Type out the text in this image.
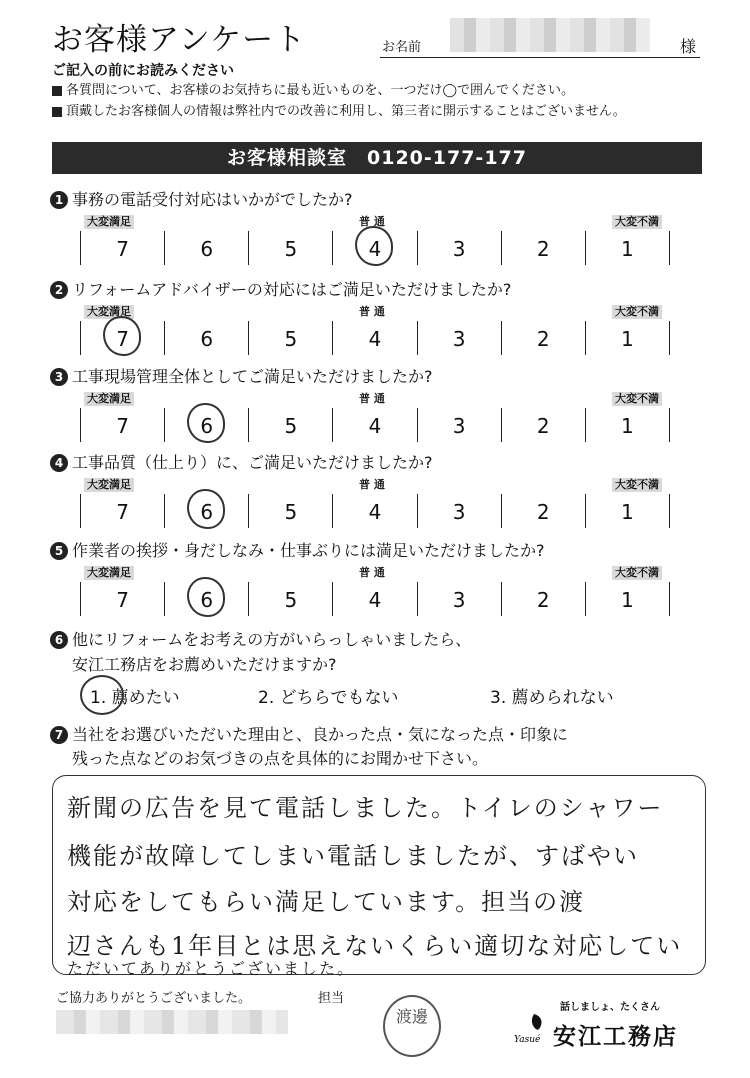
お客様アンケート	お名前	様
ご記入の前にお読みください
各質問について、お客様のお気持ちに最も近いものを、一つだけ◯で囲んでください。
頂戴したお客様個人の情報は弊社内での改善に利用し、第三者に開示することはございません。
お客様相談室　0120-177-177
1 事務の電話受付対応はいかがでしたか?
大変満足	普 通	大変不満
7	6	5	4	3	2	1
2 リフォームアドバイザーの対応にはご満足いただけましたか?
大変満足	普 通	大変不満
7	6	5	4	3	2	1
3 工事現場管理全体としてご満足いただけましたか?
大変満足	普 通	大変不満
7	6	5	4	3	2	1
4 工事品質（仕上り）に、ご満足いただけましたか?
大変満足	普 通	大変不満
7	6	5	4	3	2	1
5 作業者の挨拶・身だしなみ・仕事ぶりには満足いただけましたか?
大変満足	普 通	大変不満
7	6	5	4	3	2	1
6 他にリフォームをお考えの方がいらっしゃいましたら、
安江工務店をお薦めいただけますか?
1. 薦めたい	2. どちらでもない	3. 薦められない
7 当社をお選びいただいた理由と、良かった点・気になった点・印象に
残った点などのお気づきの点を具体的にお聞かせ下さい。
新聞の広告を見て電話しました。トイレのシャワー
機能が故障してしまい電話しましたが、すばやい
対応をしてもらい満足しています。担当の渡
辺さんも1年目とは思えないくらい適切な対応してい
ただいてありがとうございました。
ご協力ありがとうございました。	担当
渡邊	話しましょ、たくさん
Yasué 安江工務店
